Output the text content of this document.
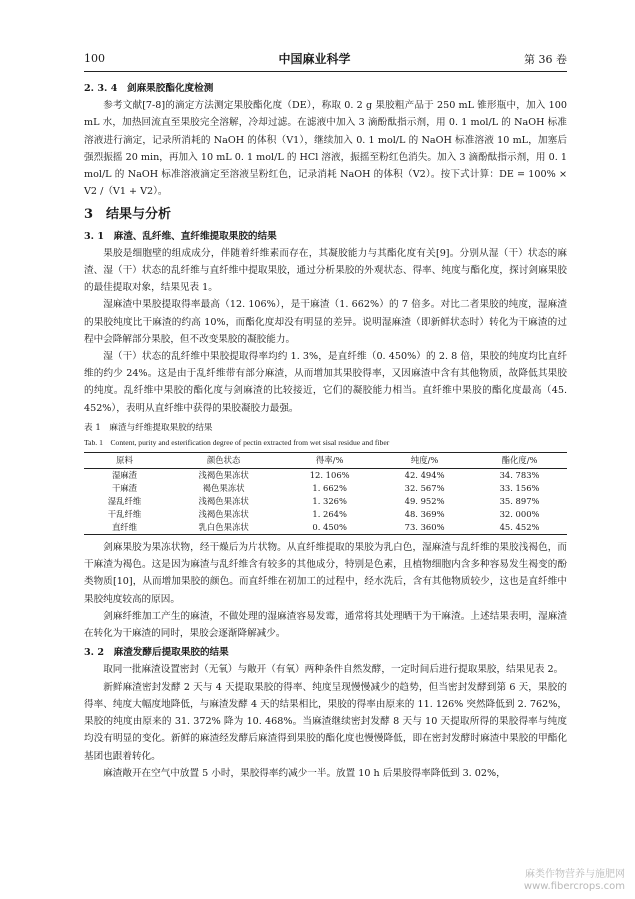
100	中国麻业科学	第 36 卷
2. 3. 4　剑麻果胶酯化度检测

参考文献[7-8]的滴定方法测定果胶酯化度（DE），称取 0. 2 g 果胶粗产品于 250 mL 锥形瓶中，加入 100 mL 水，加热回流直至果胶完全溶解，冷却过滤。在滤液中加入 3 滴酚酞指示剂，用 0. 1 mol/L 的 NaOH 标准溶液进行滴定，记录所消耗的 NaOH 的体积（V1），继续加入 0. 1 mol/L 的 NaOH 标准溶液 10 mL，加塞后强烈振摇 20 min，再加入 10 mL 0. 1 mol/L 的 HCl 溶液，振摇至粉红色消失。加入 3 滴酚酞指示剂，用 0. 1 mol/L 的 NaOH 标准溶液滴定至溶液呈粉红色，记录消耗 NaOH 的体积（V2）。按下式计算：DE = 100% × V2 /（V1 + V2）。

3　结果与分析
3. 1　麻渣、乱纤维、直纤维提取果胶的结果

果胶是细胞壁的组成成分，伴随着纤维素而存在，其凝胶能力与其酯化度有关[9]。分别从湿（干）状态的麻渣、湿（干）状态的乱纤维与直纤维中提取果胶，通过分析果胶的外观状态、得率、纯度与酯化度，探讨剑麻果胶的最佳提取对象，结果见表 1。

湿麻渣中果胶提取得率最高（12. 106%），是干麻渣（1. 662%）的 7 倍多。对比二者果胶的纯度，湿麻渣的果胶纯度比干麻渣的约高 10%，而酯化度却没有明显的差异。说明湿麻渣（即新鲜状态时）转化为干麻渣的过程中会降解部分果胶，但不改变果胶的凝胶能力。

湿（干）状态的乱纤维中果胶提取得率均约 1. 3%，是直纤维（0. 450%）的 2. 8 倍，果胶的纯度均比直纤维的约少 24%。这是由于乱纤维带有部分麻渣，从而增加其果胶得率，又因麻渣中含有其他物质，故降低其果胶的纯度。乱纤维中果胶的酯化度与剑麻渣的比较接近，它们的凝胶能力相当。直纤维中果胶的酯化度最高（45. 452%），表明从直纤维中获得的果胶凝胶力最强。

表 1　麻渣与纤维提取果胶的结果
Tab. 1　Content, purity and esterification degree of pectin extracted from wet sisal residue and fiber
原料	颜色状态	得率/%	纯度/%	酯化度/%
湿麻渣	浅褐色果冻状	12. 106%	42. 494%	34. 783%
干麻渣	褐色果冻状	1. 662%	32. 567%	33. 156%
湿乱纤维	浅褐色果冻状	1. 326%	49. 952%	35. 897%
干乱纤维	浅褐色果冻状	1. 264%	48. 369%	32. 000%
直纤维	乳白色果冻状	0. 450%	73. 360%	45. 452%

剑麻果胶为果冻状物，经干燥后为片状物。从直纤维提取的果胶为乳白色，湿麻渣与乱纤维的果胶浅褐色，而干麻渣为褐色。这是因为麻渣与乱纤维含有较多的其他成分，特别是色素，且植物细胞内含多种容易发生褐变的酚类物质[10]，从而增加果胶的颜色。而直纤维在初加工的过程中，经水洗后，含有其他物质较少，这也是直纤维中果胶纯度较高的原因。

剑麻纤维加工产生的麻渣，不做处理的湿麻渣容易发霉，通常将其处理晒干为干麻渣。上述结果表明，湿麻渣在转化为干麻渣的同时，果胶会逐渐降解减少。

3. 2　麻渣发酵后提取果胶的结果

取同一批麻渣设置密封（无氧）与敞开（有氧）两种条件自然发酵，一定时间后进行提取果胶，结果见表 2。

新鲜麻渣密封发酵 2 天与 4 天提取果胶的得率、纯度呈现慢慢减少的趋势，但当密封发酵到第 6 天，果胶的得率、纯度大幅度地降低，与麻渣发酵 4 天的结果相比，果胶的得率由原来的 11. 126% 突然降低到 2. 762%，果胶的纯度由原来的 31. 372% 降为 10. 468%。当麻渣继续密封发酵 8 天与 10 天提取所得的果胶得率与纯度均没有明显的变化。新鲜的麻渣经发酵后麻渣得到果胶的酯化度也慢慢降低，即在密封发酵时麻渣中果胶的甲酯化基团也跟着转化。

麻渣敞开在空气中放置 5 小时，果胶得率约减少一半。放置 10 h 后果胶得率降低到 3. 02%，

麻类作物营养与施肥网
www.fibercrops.com
